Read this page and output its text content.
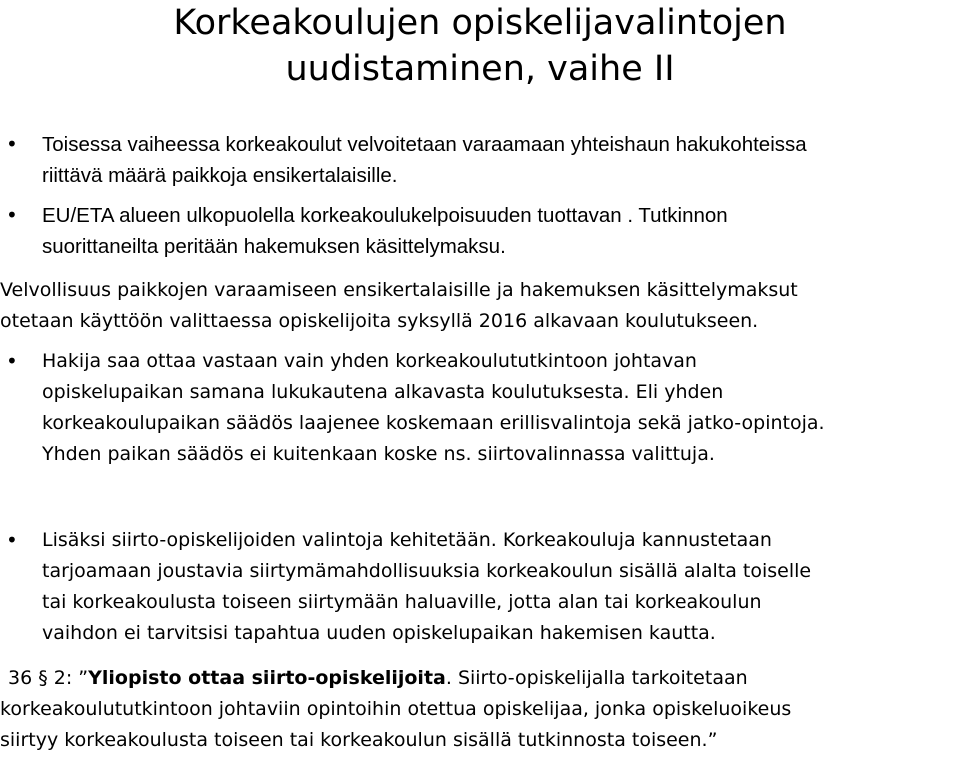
Korkeakoulujen opiskelijavalintojen
uudistaminen, vaihe II
• Toisessa vaiheessa korkeakoulut velvoitetaan varaamaan yhteishaun hakukohteissa
riittävä määrä paikkoja ensikertalaisille.
• EU/ETA alueen ulkopuolella korkeakoulukelpoisuuden tuottavan . Tutkinnon
suorittaneilta peritään hakemuksen käsittelymaksu.
Velvollisuus paikkojen varaamiseen ensikertalaisille ja hakemuksen käsittelymaksut
otetaan käyttöön valittaessa opiskelijoita syksyllä 2016 alkavaan koulutukseen.
• Hakija saa ottaa vastaan vain yhden korkeakoulututkintoon johtavan
opiskelupaikan samana lukukautena alkavasta koulutuksesta. Eli yhden
korkeakoulupaikan säädös laajenee koskemaan erillisvalintoja sekä jatko-opintoja.
Yhden paikan säädös ei kuitenkaan koske ns. siirtovalinnassa valittuja.
• Lisäksi siirto-opiskelijoiden valintoja kehitetään. Korkeakouluja kannustetaan
tarjoamaan joustavia siirtymämahdollisuuksia korkeakoulun sisällä alalta toiselle
tai korkeakoulusta toiseen siirtymään haluaville, jotta alan tai korkeakoulun
vaihdon ei tarvitsisi tapahtua uuden opiskelupaikan hakemisen kautta.
36 § 2: ”Yliopisto ottaa siirto-opiskelijoita. Siirto-opiskelijalla tarkoitetaan
korkeakoulututkintoon johtaviin opintoihin otettua opiskelijaa, jonka opiskeluoikeus
siirtyy korkeakoulusta toiseen tai korkeakoulun sisällä tutkinnosta toiseen.”
